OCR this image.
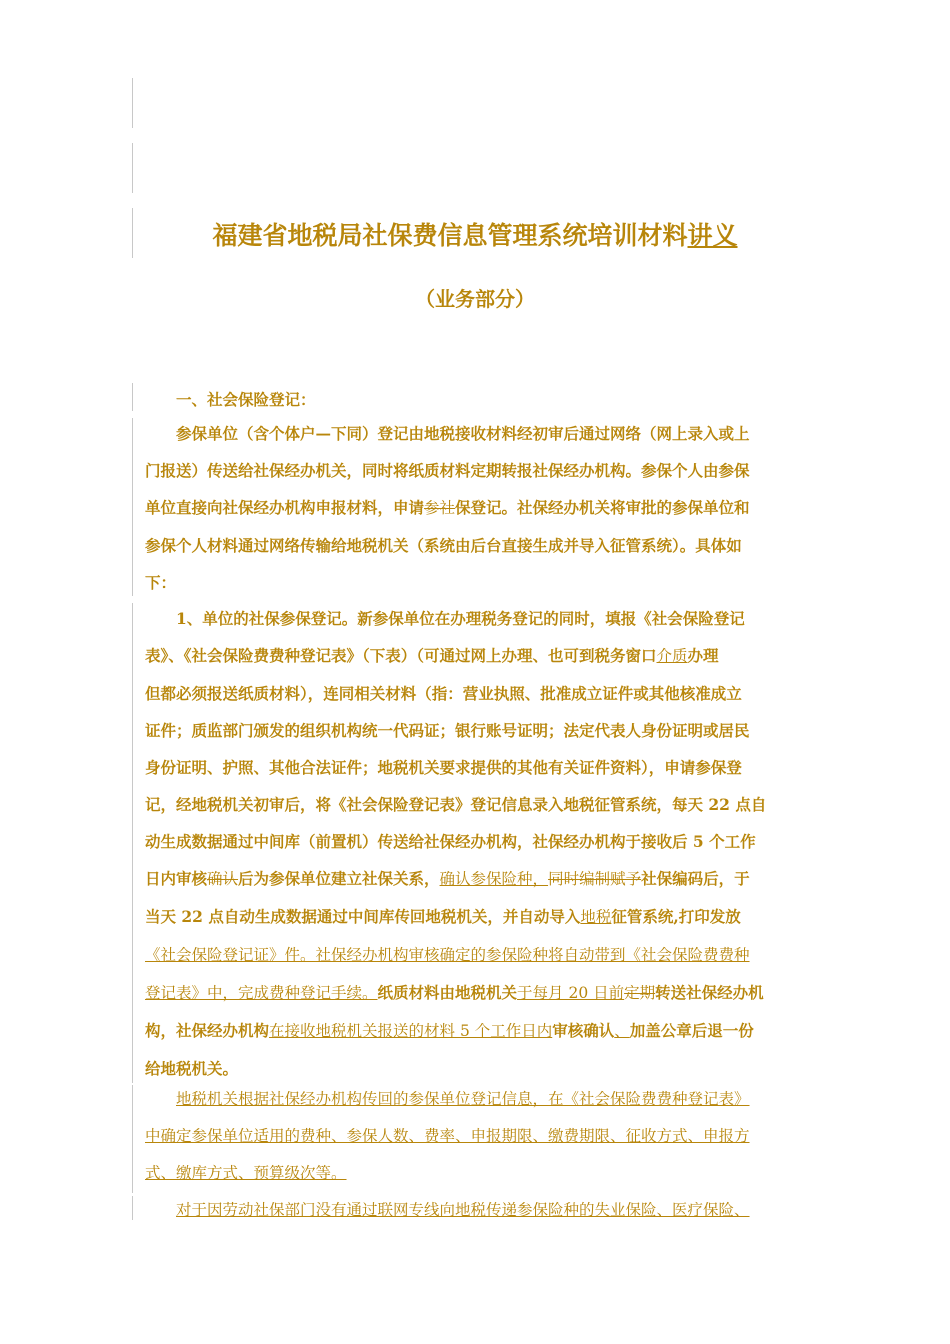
福建省地税局社保费信息管理系统培训材料讲义
（业务部分）
一、社会保险登记：
参保单位（含个体户—下同）登记由地税接收材料经初审后通过网络（网上录入或上
门报送）传送给社保经办机关，同时将纸质材料定期转报社保经办机构。参保个人由参保
单位直接向社保经办机构申报材料，申请参社保登记。社保经办机关将审批的参保单位和
参保个人材料通过网络传输给地税机关（系统由后台直接生成并导入征管系统）。具体如
下：
1、单位的社保参保登记。新参保单位在办理税务登记的同时，填报《社会保险登记
表》、《社会保险费费种登记表》（下表）（可通过网上办理、也可到税务窗口介质办理
但都必须报送纸质材料），连同相关材料（指：营业执照、批准成立证件或其他核准成立
证件；质监部门颁发的组织机构统一代码证；银行账号证明；法定代表人身份证明或居民
身份证明、护照、其他合法证件；地税机关要求提供的其他有关证件资料），申请参保登
记，经地税机关初审后，将《社会保险登记表》登记信息录入地税征管系统，每天 22 点自
动生成数据通过中间库（前置机）传送给社保经办机构，社保经办机构于接收后 5 个工作
日内审核确认后为参保单位建立社保关系，确认参保险种，同时编制赋予社保编码后，于
当天 22 点自动生成数据通过中间库传回地税机关，并自动导入地税征管系统,打印发放
《社会保险登记证》件。社保经办机构审核确定的参保险种将自动带到《社会保险费费种
登记表》中，完成费种登记手续。纸质材料由地税机关于每月 20 日前定期转送社保经办机
构，社保经办机构在接收地税机关报送的材料 5 个工作日内审核确认、加盖公章后退一份
给地税机关。
地税机关根据社保经办机构传回的参保单位登记信息，在《社会保险费费种登记表》
中确定参保单位适用的费种、参保人数、费率、申报期限、缴费期限、征收方式、申报方
式、缴库方式、预算级次等。
对于因劳动社保部门没有通过联网专线向地税传递参保险种的失业保险、医疗保险、
